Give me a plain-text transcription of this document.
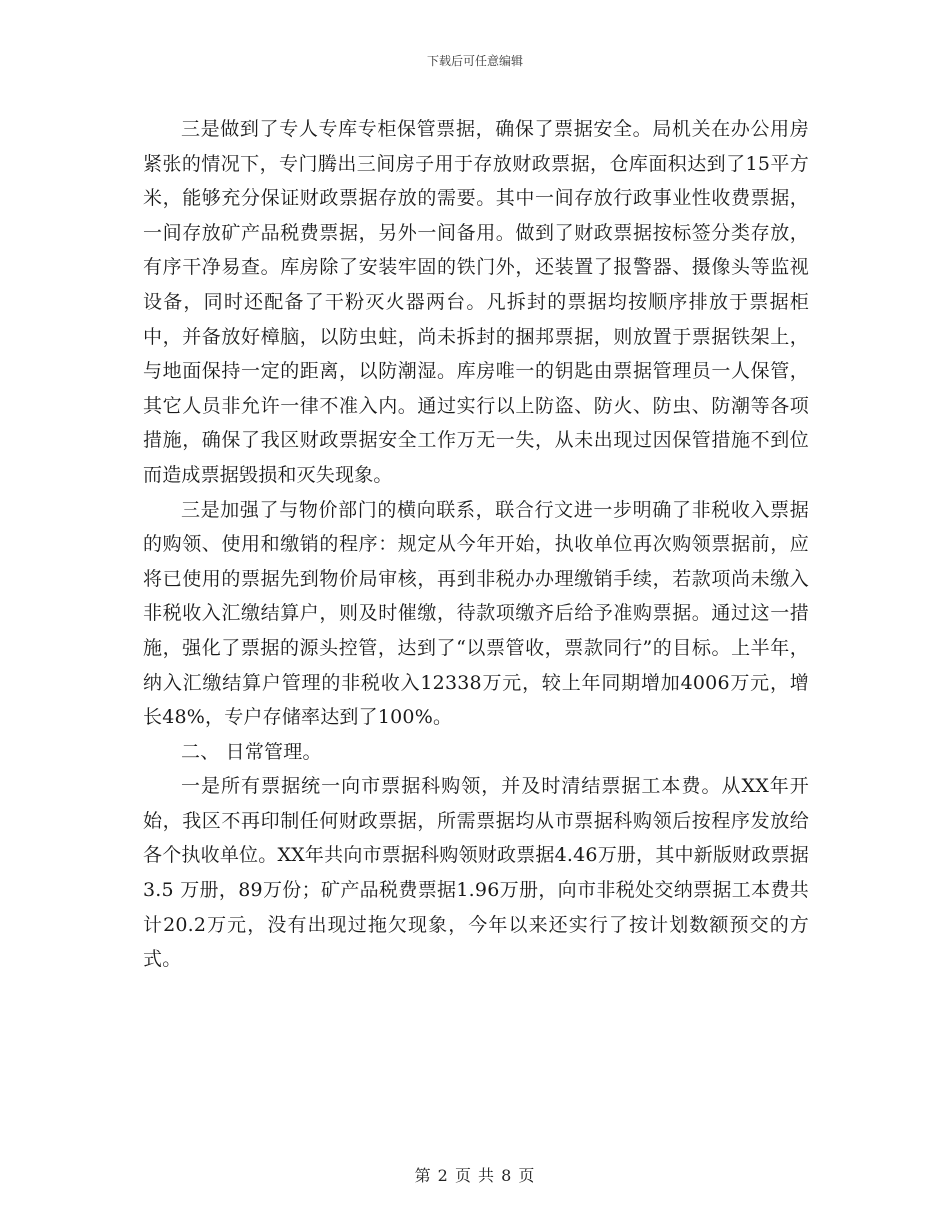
下载后可任意编辑

三是做到了专人专库专柜保管票据，确保了票据安全。局机关在办公用房紧张的情况下，专门腾出三间房子用于存放财政票据，仓库面积达到了15平方米，能够充分保证财政票据存放的需要。其中一间存放行政事业性收费票据，一间存放矿产品税费票据，另外一间备用。做到了财政票据按标签分类存放，有序干净易查。库房除了安装牢固的铁门外，还装置了报警器、摄像头等监视设备，同时还配备了干粉灭火器两台。凡拆封的票据均按顺序排放于票据柜中，并备放好樟脑，以防虫蛀，尚未拆封的捆邦票据，则放置于票据铁架上，与地面保持一定的距离，以防潮湿。库房唯一的钥匙由票据管理员一人保管，其它人员非允许一律不准入内。通过实行以上防盗、防火、防虫、防潮等各项措施，确保了我区财政票据安全工作万无一失，从未出现过因保管措施不到位而造成票据毁损和灭失现象。

三是加强了与物价部门的横向联系，联合行文进一步明确了非税收入票据的购领、使用和缴销的程序：规定从今年开始，执收单位再次购领票据前，应将已使用的票据先到物价局审核，再到非税办办理缴销手续，若款项尚未缴入非税收入汇缴结算户，则及时催缴，待款项缴齐后给予准购票据。通过这一措施，强化了票据的源头控管，达到了“以票管收，票款同行”的目标。上半年，纳入汇缴结算户管理的非税收入12338万元，较上年同期增加4006万元，增长48%，专户存储率达到了100%。

二、 日常管理。

一是所有票据统一向市票据科购领，并及时清结票据工本费。从XX年开始，我区不再印制任何财政票据，所需票据均从市票据科购领后按程序发放给各个执收单位。XX年共向市票据科购领财政票据4.46万册，其中新版财政票据3.5 万册，89万份；矿产品税费票据1.96万册，向市非税处交纳票据工本费共计20.2万元，没有出现过拖欠现象，今年以来还实行了按计划数额预交的方式。

第 2 页 共 8 页
